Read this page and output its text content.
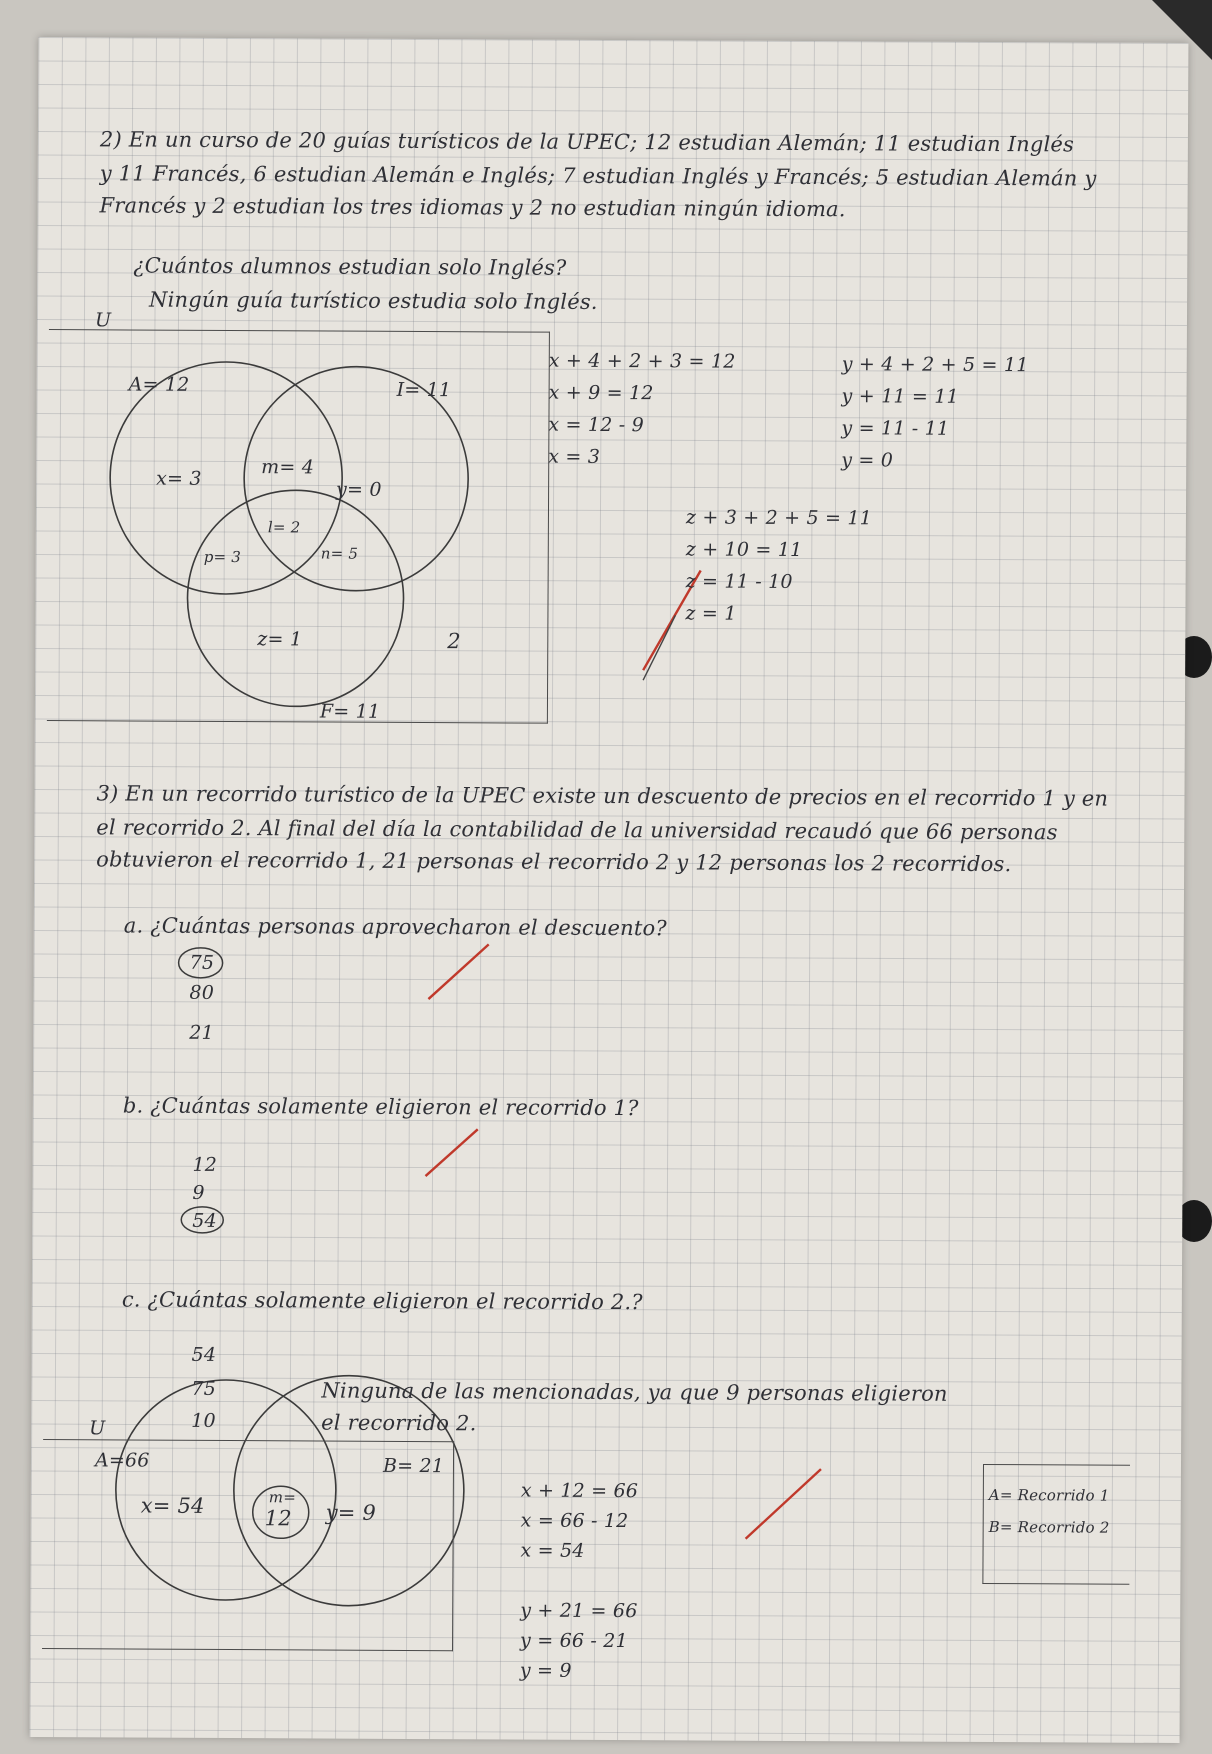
2) En un curso de 20 guías turísticos de la UPEC; 12 estudian Alemán; 11 estudian Inglés
y 11 Francés, 6 estudian Alemán e Inglés; 7 estudian Inglés y Francés; 5 estudian Alemán y
Francés y 2 estudian los tres idiomas y 2 no estudian ningún idioma.
¿Cuántos alumnos estudian solo Inglés?
Ningún guía turístico estudia solo Inglés.
U
A= 12	I= 11
x= 3
m= 4
y= 0
l= 2
p= 3	n= 5
z= 1	2
F= 11
x + 4 + 2 + 3 = 12
x + 9 = 12
x = 12 - 9
x = 3
y + 4 + 2 + 5 = 11
y + 11 = 11
y = 11 - 11
y = 0
z + 3 + 2 + 5 = 11
z + 10 = 11
z = 11 - 10
z = 1
3) En un recorrido turístico de la UPEC existe un descuento de precios en el recorrido 1 y en
el recorrido 2. Al final del día la contabilidad de la universidad recaudó que 66 personas
obtuvieron el recorrido 1, 21 personas el recorrido 2 y 12 personas los 2 recorridos.
a. ¿Cuántas personas aprovecharon el descuento?
75
80
21
b. ¿Cuántas solamente eligieron el recorrido 1?
12
9
54
c. ¿Cuántas solamente eligieron el recorrido 2.?
54
75
10
Ninguna de las mencionadas, ya que 9 personas eligieron
el recorrido 2.
U
A=66	B= 21
x= 54	m=
12 y= 9
x + 12 = 66
x = 66 - 12
x = 54
y + 21 = 66
y = 66 - 21
y = 9
A= Recorrido 1
B= Recorrido 2
